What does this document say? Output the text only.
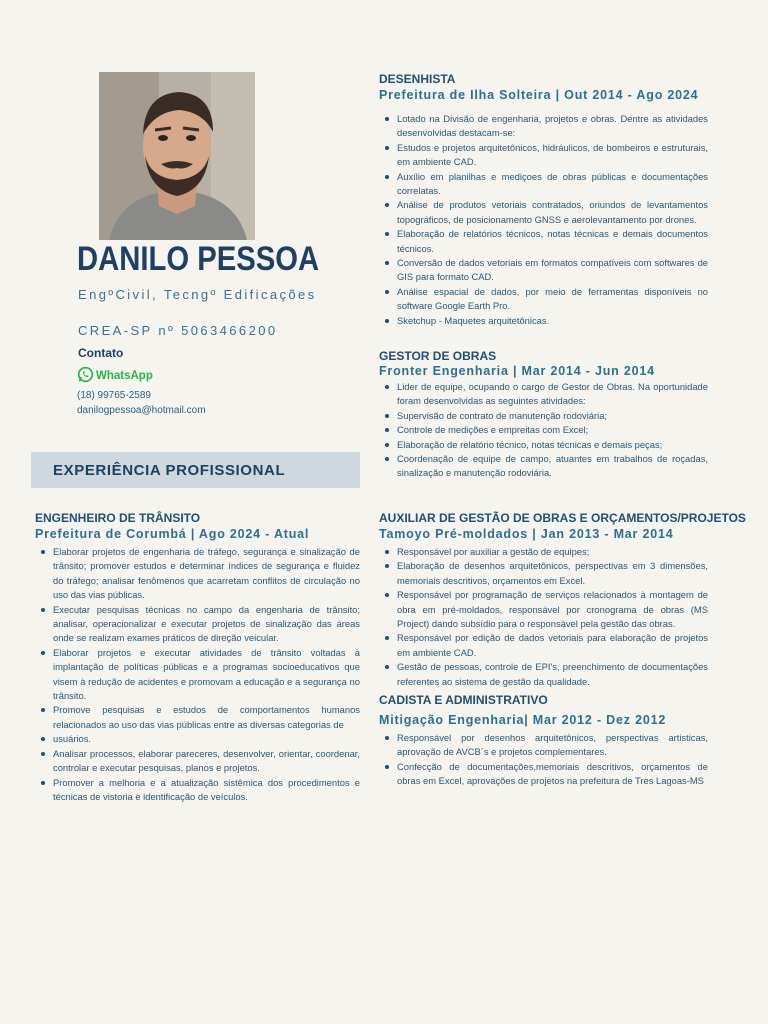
DANILO PESSOA
EngºCivil, Tecngº Edificações
CREA-SP nº 5063466200
Contato
WhatsApp
(18) 99765-2589
danilogpessoa@hotmail.com
EXPERIÊNCIA PROFISSIONAL
DESENHISTA
Prefeitura de Ilha Solteira | Out 2014 - Ago 2024
Lotado na Divisão de engenharia, projetos e obras. Dentre as atividades desenvolvidas destacam-se:
Estudos e projetos arquitetônicos, hidráulicos, de bombeiros e estruturais, em ambiente CAD.
Auxílio em planilhas e mediçoes de obras públicas e documentações correlatas.
Análise de produtos vetoriais contratados, oriundos de levantamentos topográficos, de posicionamento GNSS e aerolevantamento por drones.
Elaboração de relatórios técnicos, notas técnicas e demais documentos técnicos.
Conversão de dados vetoriais em formatos compatíveis com softwares de GIS para formato CAD.
Análise espacial de dados, por meio de ferramentas disponíveis no software Google Earth Pro.
Sketchup - Maquetes arquitetônicas.
GESTOR DE OBRAS
Fronter Engenharia | Mar 2014 - Jun 2014
Lider de equipe, ocupando o cargo de Gestor de Obras. Na oportunidade foram desenvolvidas as seguintes atividades:
Supervisão de contrato de manutenção rodoviária;
Controle de medições e empreitas com Excel;
Elaboração de relatório técnico, notas técnicas e demais peças;
Coordenação de equipe de campo, atuantes em trabalhos de roçadas, sinalização e manutenção rodoviária.
ENGENHEIRO DE TRÂNSITO
Prefeitura de Corumbá | Ago 2024 - Atual
Elaborar projetos de engenharia de tráfego, segurança e sinalização de trânsito; promover estudos e determinar índices de segurança e fluidez do tráfego; analisar fenômenos que acarretam conflitos de circulação no uso das vias públicas.
Executar pesquisas técnicas no campo da engenharia de trânsito; analisar, operacionalizar e executar projetos de sinalização das áreas onde se realizam exames práticos de direção veicular.
Elaborar projetos e executar atividades de trânsito voltadas à implantação de políticas públicas e a programas socioeducativos que visem à redução de acidentes e promovam a educação e a segurança no trânsito.
Promove pesquisas e estudos de comportamentos humanos relacionados ao uso das vias públicas entre as diversas categorias de
usuários.
Analisar processos, elaborar pareceres, desenvolver, orientar, coordenar, controlar e executar pesquisas, planos e projetos.
Promover a melhoria e a atualização sistêmica dos procedimentos e técnicas de vistoria e identificação de veículos.
AUXILIAR DE GESTÃO DE OBRAS E ORÇAMENTOS/PROJETOS
Tamoyo Pré-moldados | Jan 2013 - Mar 2014
Responsável por auxiliar a gestão de equipes;
Elaboração de desenhos arquitetônicos, perspectivas em 3 dimensões, memoriais descritivos, orçamentos em Excel.
Responsável por programação de serviços relacionados à montagem de obra em pré-moldados, responsável por cronograma de obras (MS Project) dando subsídio para o responsável pela gestão das obras.
Responsável por edição de dados vetoriais para elaboração de projetos em ambiente CAD.
Gestão de pessoas, controle de EPI's, preenchimento de documentações referentes ao sistema de gestão da qualidade.
CADISTA E ADMINISTRATIVO
Mitigação Engenharia| Mar 2012 - Dez 2012
Responsável por desenhos arquitetônicos, perspectivas artisticas, aprovação de AVCB´s e projetos complementares.
Confecção de documentações,memoriais descritivos, orçamentos de obras em Excel, aprovações de projetos na prefeitura de Tres Lagoas-MS
